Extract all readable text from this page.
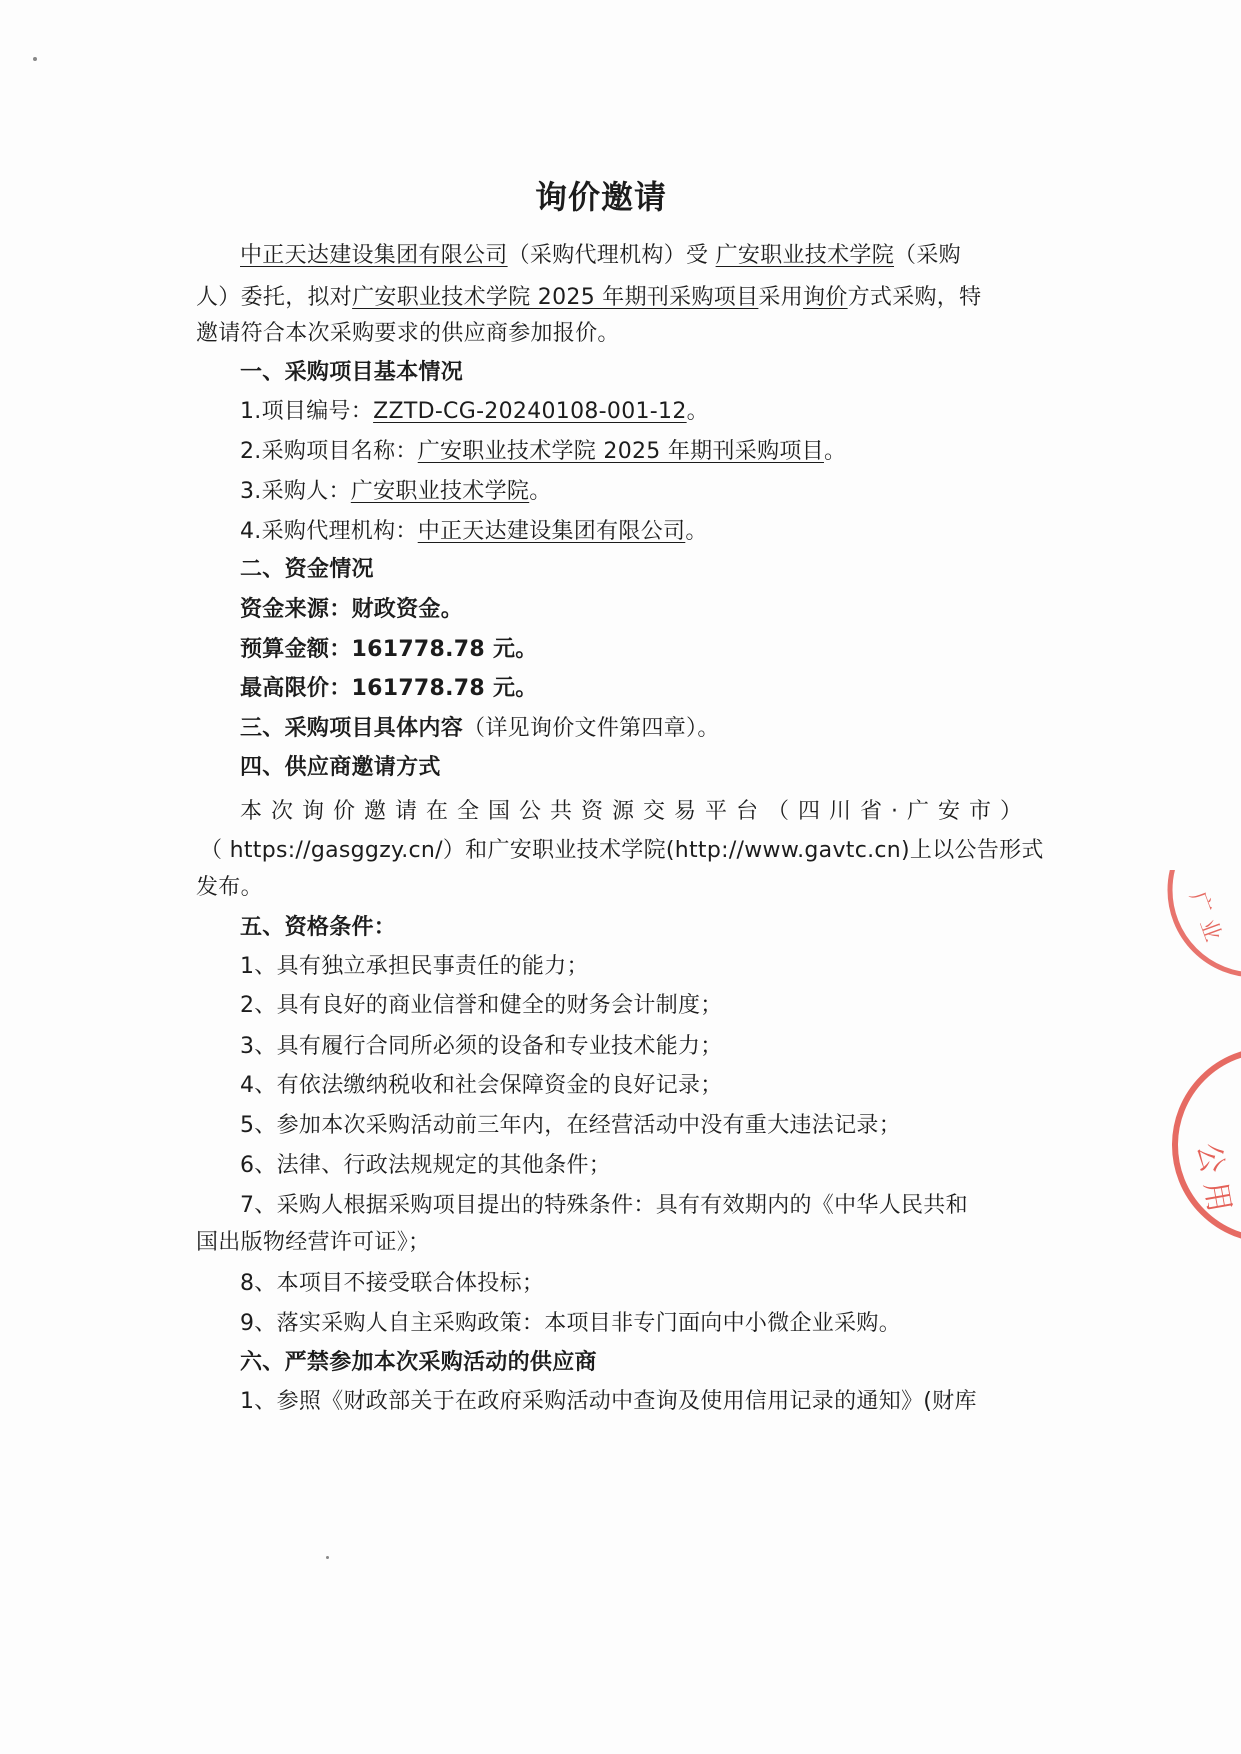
询价邀请
中正天达建设集团有限公司（采购代理机构）受 广安职业技术学院（采购
人）委托，拟对广安职业技术学院 2025 年期刊采购项目采用询价方式采购，特
邀请符合本次采购要求的供应商参加报价。
一、采购项目基本情况
1.项目编号：ZZTD-CG-20240108-001-12。
2.采购项目名称：广安职业技术学院 2025 年期刊采购项目。
3.采购人：广安职业技术学院。
4.采购代理机构：中正天达建设集团有限公司。
二、资金情况
资金来源：财政资金。
预算金额：161778.78 元。
最高限价：161778.78 元。
三、采购项目具体内容（详见询价文件第四章）。
四、供应商邀请方式
本次询价邀请在全国公共资源交易平台（四川省·广安市）
（ https://gasggzy.cn/）和广安职业技术学院(http://www.gavtc.cn)上以公告形式
发布。
五、资格条件：
1、具有独立承担民事责任的能力；
2、具有良好的商业信誉和健全的财务会计制度；
3、具有履行合同所必须的设备和专业技术能力；
4、有依法缴纳税收和社会保障资金的良好记录；
5、参加本次采购活动前三年内，在经营活动中没有重大违法记录；
6、法律、行政法规规定的其他条件；
7、采购人根据采购项目提出的特殊条件：具有有效期内的《中华人民共和
国出版物经营许可证》；
8、本项目不接受联合体投标；
9、落实采购人自主采购政策：本项目非专门面向中小微企业采购。
六、严禁参加本次采购活动的供应商
1、参照《财政部关于在政府采购活动中查询及使用信用记录的通知》(财库
公 用
广 业
